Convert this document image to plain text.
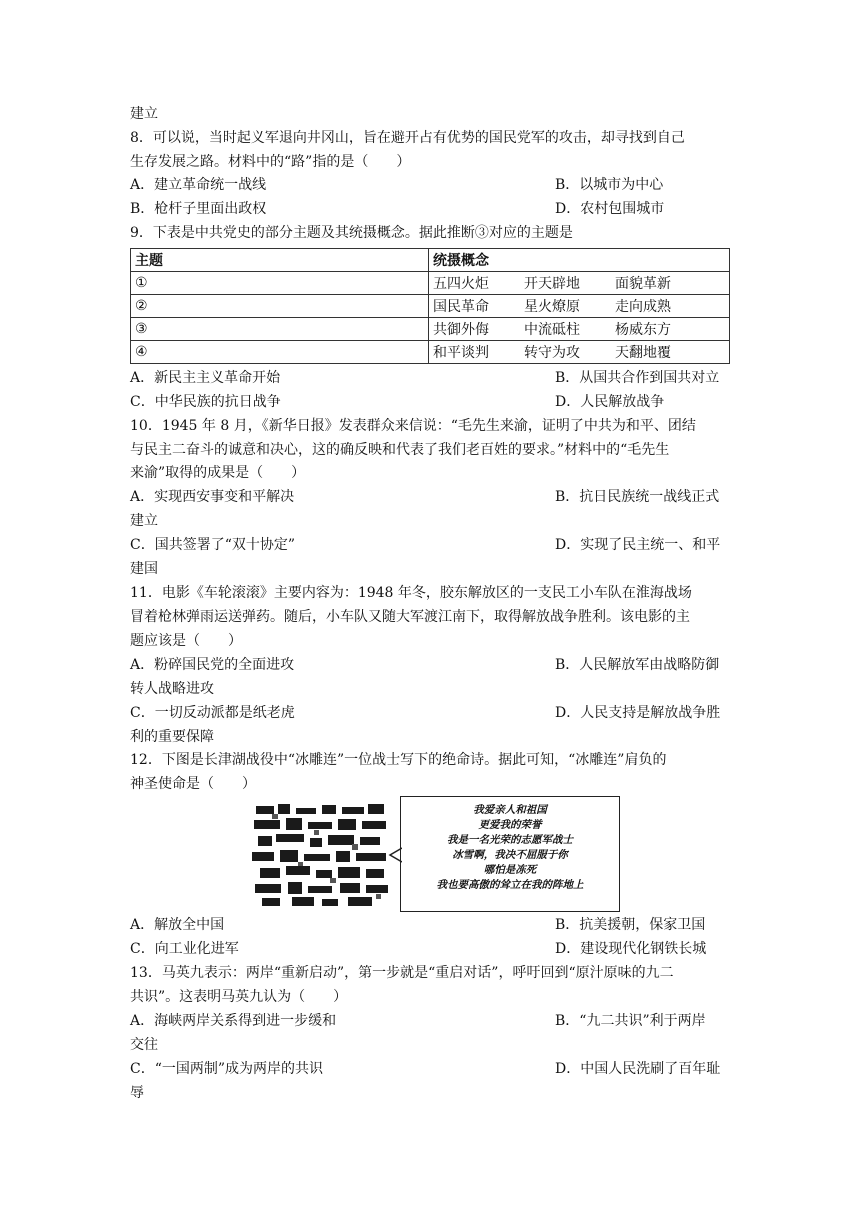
建立
8．可以说，当时起义军退向井冈山，旨在避开占有优势的国民党军的攻击，却寻找到自己
生存发展之路。材料中的“路”指的是（　　）
A．建立革命统一战线	B．以城市为中心
B．枪杆子里面出政权	D．农村包围城市
9．下表是中共党史的部分主题及其统摄概念。据此推断③对应的主题是
主题	统摄概念
①	五四火炬 开天辟地 面貌革新
②	国民革命 星火燎原 走向成熟
③	共御外侮 中流砥柱 杨威东方
④	和平谈判 转守为攻 天翻地覆
A．新民主主义革命开始	B．从国共合作到国共对立
C．中华民族的抗日战争	D．人民解放战争
10．1945 年 8 月，《新华日报》发表群众来信说：“毛先生来渝，证明了中共为和平、团结
与民主二奋斗的诚意和决心，这的确反映和代表了我们老百姓的要求。”材料中的“毛先生
来渝”取得的成果是（　　）
A．实现西安事变和平解决	B．抗日民族统一战线正式
建立
C．国共签署了“双十协定”	D．实现了民主统一、和平
建国
11．电影《车轮滚滚》主要内容为：1948 年冬，胶东解放区的一支民工小车队在淮海战场
冒着枪林弹雨运送弹药。随后，小车队又随大军渡江南下，取得解放战争胜利。该电影的主
题应该是（　　）
A．粉碎国民党的全面进攻	B．人民解放军由战略防御
转人战略进攻
C．一切反动派都是纸老虎	D．人民支持是解放战争胜
利的重要保障
12．下图是长津湖战役中“冰雕连”一位战士写下的绝命诗。据此可知，“冰雕连”肩负的
神圣使命是（　　）
我爱亲人和祖国
更爱我的荣誉
我是一名光荣的志愿军战士
冰雪啊，我决不屈服于你
哪怕是冻死
我也要高傲的耸立在我的阵地上
A．解放全中国	B．抗美援朝，保家卫国
C．向工业化进军	D．建设现代化钢铁长城
13．马英九表示：两岸“重新启动”，第一步就是“重启对话”，呼吁回到“原汁原味的九二
共识”。这表明马英九认为（　　）
A．海峡两岸关系得到进一步缓和	B．“九二共识”利于两岸
交往
C．“一国两制”成为两岸的共识	D．中国人民洗刷了百年耻
辱
